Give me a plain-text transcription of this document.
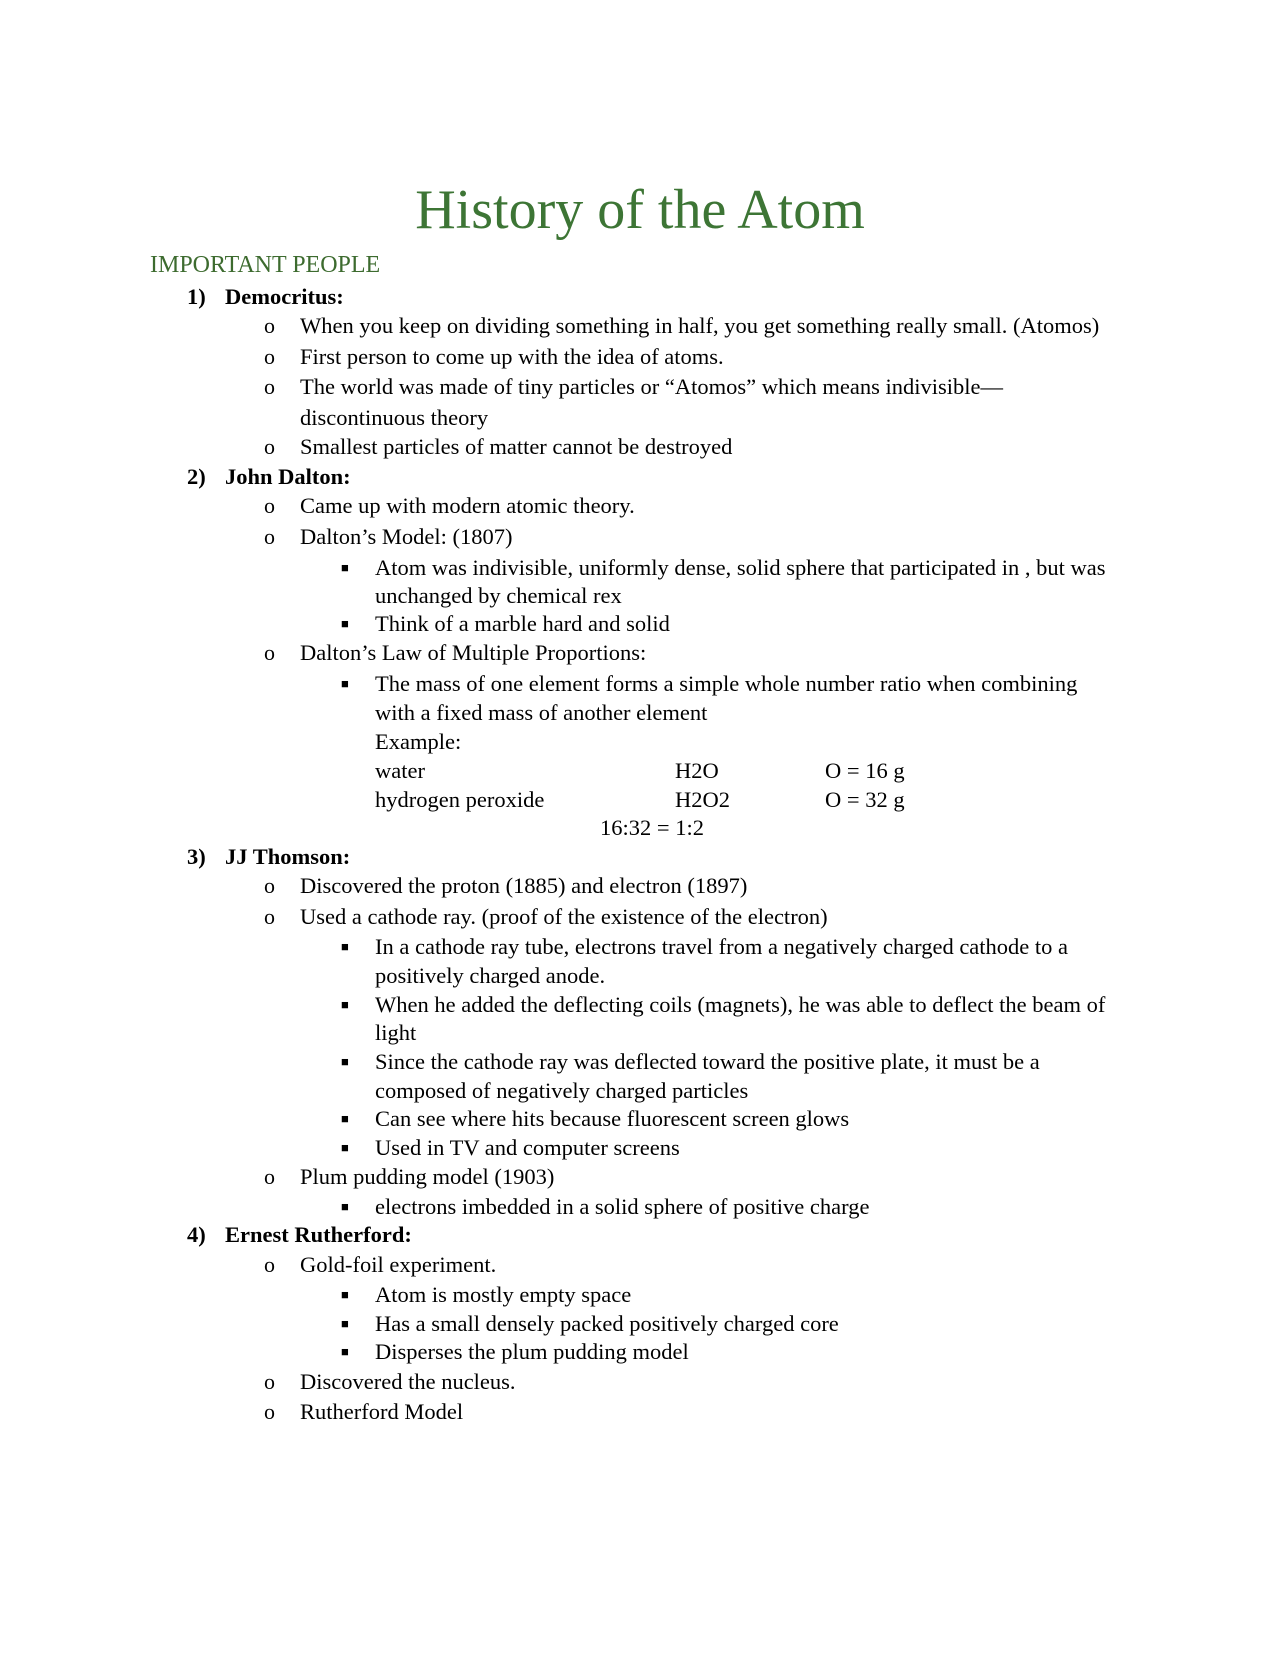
History of the Atom
IMPORTANT PEOPLE
1) Democritus:
o When you keep on dividing something in half, you get something really small. (Atomos)
o First person to come up with the idea of atoms.
o The world was made of tiny particles or “Atomos” which means indivisible—
discontinuous theory
o Smallest particles of matter cannot be destroyed
2) John Dalton:
o Came up with modern atomic theory.
o Dalton’s Model: (1807)
■ Atom was indivisible, uniformly dense, solid sphere that participated in , but was
unchanged by chemical rex
■ Think of a marble hard and solid
o Dalton’s Law of Multiple Proportions:
■ The mass of one element forms a simple whole number ratio when combining
with a fixed mass of another element
Example:
water	H2O	O = 16 g
hydrogen peroxide	H2O2	O = 32 g
16:32 = 1:2
3) JJ Thomson:
o Discovered the proton (1885) and electron (1897)
o Used a cathode ray. (proof of the existence of the electron)
■ In a cathode ray tube, electrons travel from a negatively charged cathode to a
positively charged anode.
■ When he added the deflecting coils (magnets), he was able to deflect the beam of
light
■ Since the cathode ray was deflected toward the positive plate, it must be a
composed of negatively charged particles
■ Can see where hits because fluorescent screen glows
■ Used in TV and computer screens
o Plum pudding model (1903)
■ electrons imbedded in a solid sphere of positive charge
4) Ernest Rutherford:
o Gold-foil experiment.
■ Atom is mostly empty space
■ Has a small densely packed positively charged core
■ Disperses the plum pudding model
o Discovered the nucleus.
o Rutherford Model
